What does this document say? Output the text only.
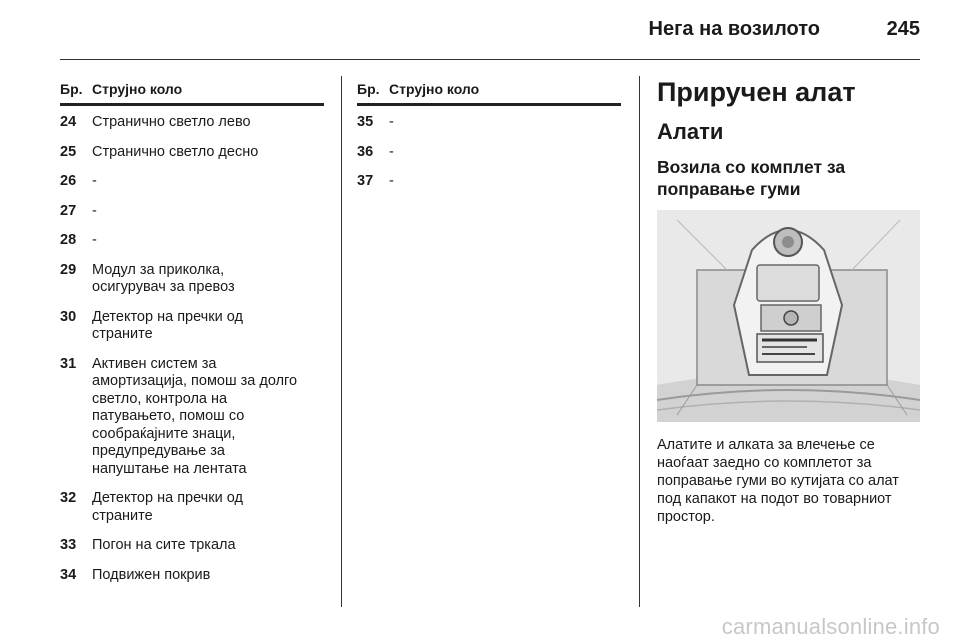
Нега на возилото	245
Бр. Струјно коло
24	Странично светло лево
25	Странично светло десно
26	-
27	-
28	-
29	Модул за приколка,
осигурувач за превоз
30	Детектор на пречки од
страните
31	Активен систем за
амортизација, помош за долго
светло, контрола на
патувањето, помош со
сообраќајните знаци,
предупредување за
напуштање на лентата
32	Детектор на пречки од
страните
33	Погон на сите тркала
34	Подвижен покрив
Бр. Струјно коло
35	-
36	-
37	-
Приручен алат
Алати
Возила со комплет за
поправање гуми
Алатите и алката за влечење се
наоѓаат заедно со комплетот за
поправање гуми во кутијата со алат
под капакот на подот во товарниот
простор.
carmanualsonline.info
